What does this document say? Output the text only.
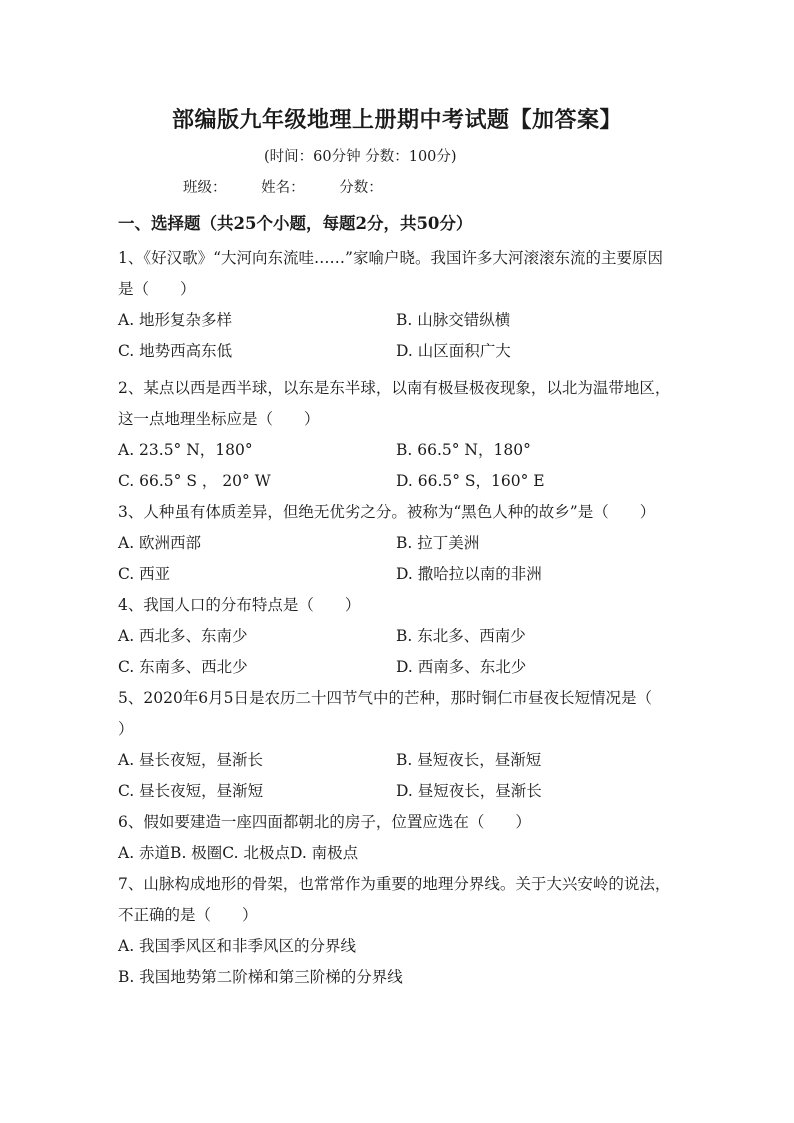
部编版九年级地理上册期中考试题【加答案】
(时间：60分钟 分数：100分)
班级： 姓名： 分数：
一、选择题（共25个小题，每题2分，共50分）
1、《好汉歌》“大河向东流哇……”家喻户晓。我国许多大河滚滚东流的主要原因是（　　）
A. 地形复杂多样	B. 山脉交错纵横
C. 地势西高东低	D. 山区面积广大
2、某点以西是西半球，以东是东半球，以南有极昼极夜现象，以北为温带地区，这一点地理坐标应是（　　）
A. 23.5° N，180°	B. 66.5° N，180°
C. 66.5° S ， 20° W	D. 66.5° S，160° E
3、人种虽有体质差异，但绝无优劣之分。被称为“黑色人种的故乡”是（　　）
A. 欧洲西部	B. 拉丁美洲
C. 西亚	D. 撒哈拉以南的非洲
4、我国人口的分布特点是（　　）
A. 西北多、东南少	B. 东北多、西南少
C. 东南多、西北少	D. 西南多、东北少
5、2020年6月5日是农历二十四节气中的芒种，那时铜仁市昼夜长短情况是（　　）
A. 昼长夜短，昼渐长	B. 昼短夜长，昼渐短
C. 昼长夜短，昼渐短	D. 昼短夜长，昼渐长
6、假如要建造一座四面都朝北的房子，位置应选在（　　）
A. 赤道B. 极圈C. 北极点D. 南极点
7、山脉构成地形的骨架，也常常作为重要的地理分界线。关于大兴安岭的说法，不正确的是（　　）
A. 我国季风区和非季风区的分界线
B. 我国地势第二阶梯和第三阶梯的分界线
